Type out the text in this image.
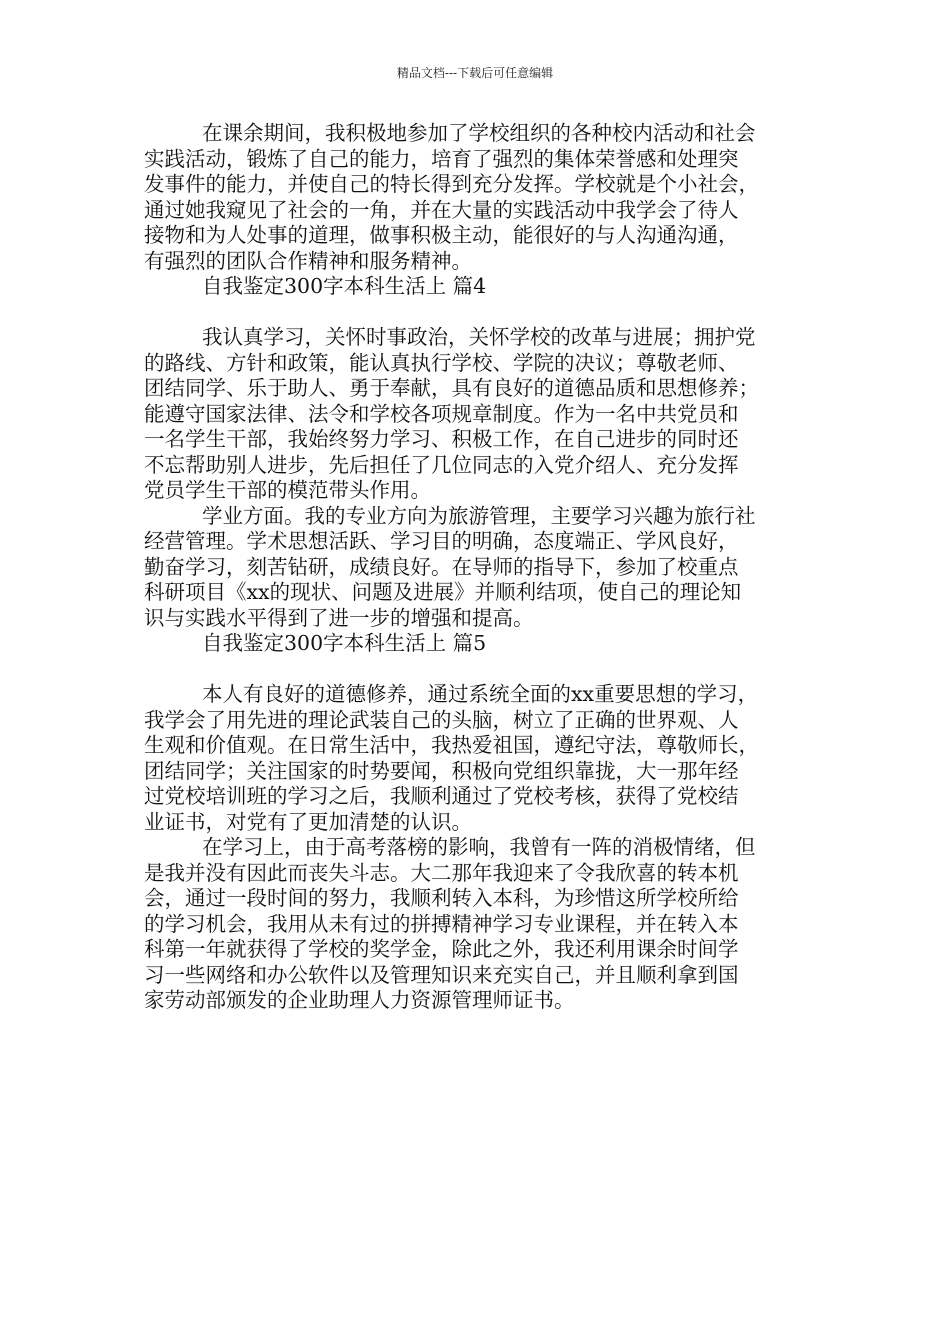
精品文档---下载后可任意编辑
在课余期间，我积极地参加了学校组织的各种校内活动和社会
实践活动，锻炼了自己的能力，培育了强烈的集体荣誉感和处理突
发事件的能力，并使自己的特长得到充分发挥。学校就是个小社会，
通过她我窥见了社会的一角，并在大量的实践活动中我学会了待人
接物和为人处事的道理，做事积极主动，能很好的与人沟通沟通，
有强烈的团队合作精神和服务精神。
自我鉴定300字本科生活上 篇4
我认真学习，关怀时事政治，关怀学校的改革与进展；拥护党
的路线、方针和政策，能认真执行学校、学院的决议；尊敬老师、
团结同学、乐于助人、勇于奉献，具有良好的道德品质和思想修养；
能遵守国家法律、法令和学校各项规章制度。作为一名中共党员和
一名学生干部，我始终努力学习、积极工作，在自己进步的同时还
不忘帮助别人进步，先后担任了几位同志的入党介绍人、充分发挥
党员学生干部的模范带头作用。
学业方面。我的专业方向为旅游管理，主要学习兴趣为旅行社
经营管理。学术思想活跃、学习目的明确，态度端正、学风良好，
勤奋学习，刻苦钻研，成绩良好。在导师的指导下，参加了校重点
科研项目《xx的现状、问题及进展》并顺利结项，使自己的理论知
识与实践水平得到了进一步的增强和提高。
自我鉴定300字本科生活上 篇5
本人有良好的道德修养，通过系统全面的xx重要思想的学习，
我学会了用先进的理论武装自己的头脑，树立了正确的世界观、人
生观和价值观。在日常生活中，我热爱祖国，遵纪守法，尊敬师长，
团结同学；关注国家的时势要闻，积极向党组织靠拢，大一那年经
过党校培训班的学习之后，我顺利通过了党校考核，获得了党校结
业证书，对党有了更加清楚的认识。
在学习上，由于高考落榜的影响，我曾有一阵的消极情绪，但
是我并没有因此而丧失斗志。大二那年我迎来了令我欣喜的转本机
会，通过一段时间的努力，我顺利转入本科，为珍惜这所学校所给
的学习机会，我用从未有过的拼搏精神学习专业课程，并在转入本
科第一年就获得了学校的奖学金，除此之外，我还利用课余时间学
习一些网络和办公软件以及管理知识来充实自己，并且顺利拿到国
家劳动部颁发的企业助理人力资源管理师证书。
